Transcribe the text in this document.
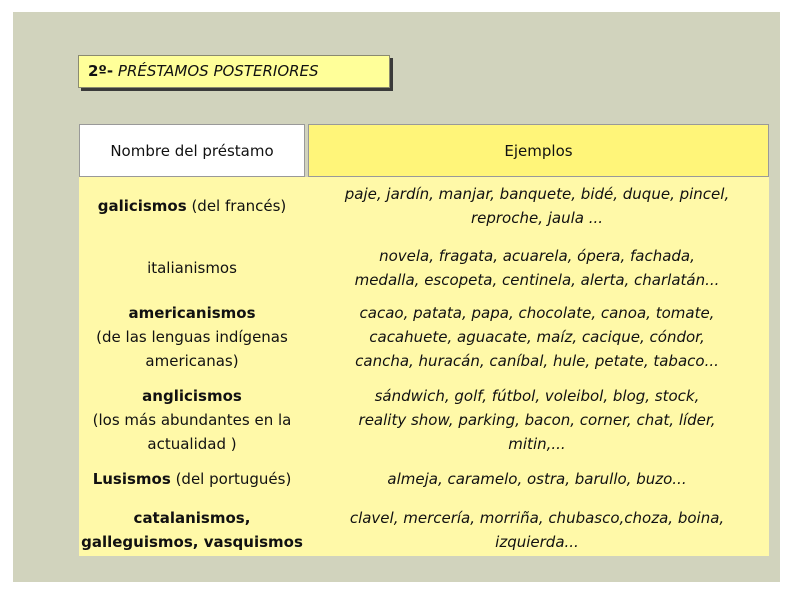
2º- PRÉSTAMOS POSTERIORES
Nombre del préstamo	Ejemplos
galicismos (del francés)
paje, jardín, manjar, banquete, bidé, duque, pincel,
reproche, jaula ...
italianismos
novela, fragata, acuarela, ópera, fachada,
medalla, escopeta, centinela, alerta, charlatán...
americanismos
(de las lenguas indígenas
americanas)
cacao, patata, papa, chocolate, canoa, tomate,
cacahuete, aguacate, maíz, cacique, cóndor,
cancha, huracán, caníbal, hule, petate, tabaco...
anglicismos
(los más abundantes en la
actualidad )
sándwich, golf, fútbol, voleibol, blog, stock,
reality show, parking, bacon, corner, chat, líder,
mitin,...
Lusismos (del portugués)	almeja, caramelo, ostra, barullo, buzo...
catalanismos,
galleguismos, vasquismos
clavel, mercería, morriña, chubasco,choza, boina,
izquierda...
